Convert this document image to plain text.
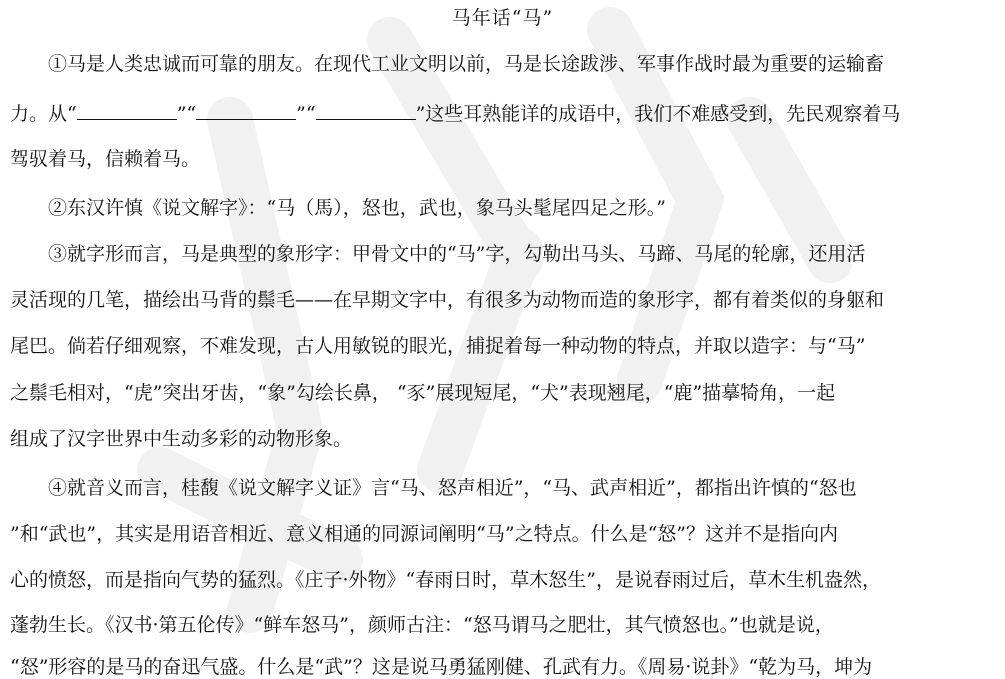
马年话“马”
①马是人类忠诚而可靠的朋友。在现代工业文明以前，马是长途跋涉、军事作战时最为重要的运输畜
力。从“	”“	”“	”这些耳熟能详的成语中，我们不难感受到，先民观察着马
驾驭着马，信赖着马。
②东汉许慎《说文解字》：“马（馬），怒也，武也，象马头髦尾四足之形。”
③就字形而言，马是典型的象形字：甲骨文中的“马”字，勾勒出马头、马蹄、马尾的轮廓，还用活
灵活现的几笔，描绘出马背的鬃毛——在早期文字中，有很多为动物而造的象形字，都有着类似的身躯和
尾巴。倘若仔细观察，不难发现，古人用敏锐的眼光，捕捉着每一种动物的特点，并取以造字：与“马”
之鬃毛相对，“虎”突出牙齿，“象”勾绘长鼻， “豕”展现短尾，“犬”表现翘尾，“鹿”描摹犄角，一起
组成了汉字世界中生动多彩的动物形象。
④就音义而言，桂馥《说文解字义证》言“马、怒声相近”，“马、武声相近”，都指出许慎的“怒也
”和“武也”，其实是用语音相近、意义相通的同源词阐明“马”之特点。什么是“怒”？这并不是指向内
心的愤怒，而是指向气势的猛烈。《庄子·外物》“春雨日时，草木怒生”，是说春雨过后，草木生机盎然，
蓬勃生长。《汉书·第五伦传》“鲜车怒马”，颜师古注：“怒马谓马之肥壮，其气愤怒也。”也就是说，
“怒”形容的是马的奋迅气盛。什么是“武”？这是说马勇猛刚健、孔武有力。《周易·说卦》“乾为马，坤为
